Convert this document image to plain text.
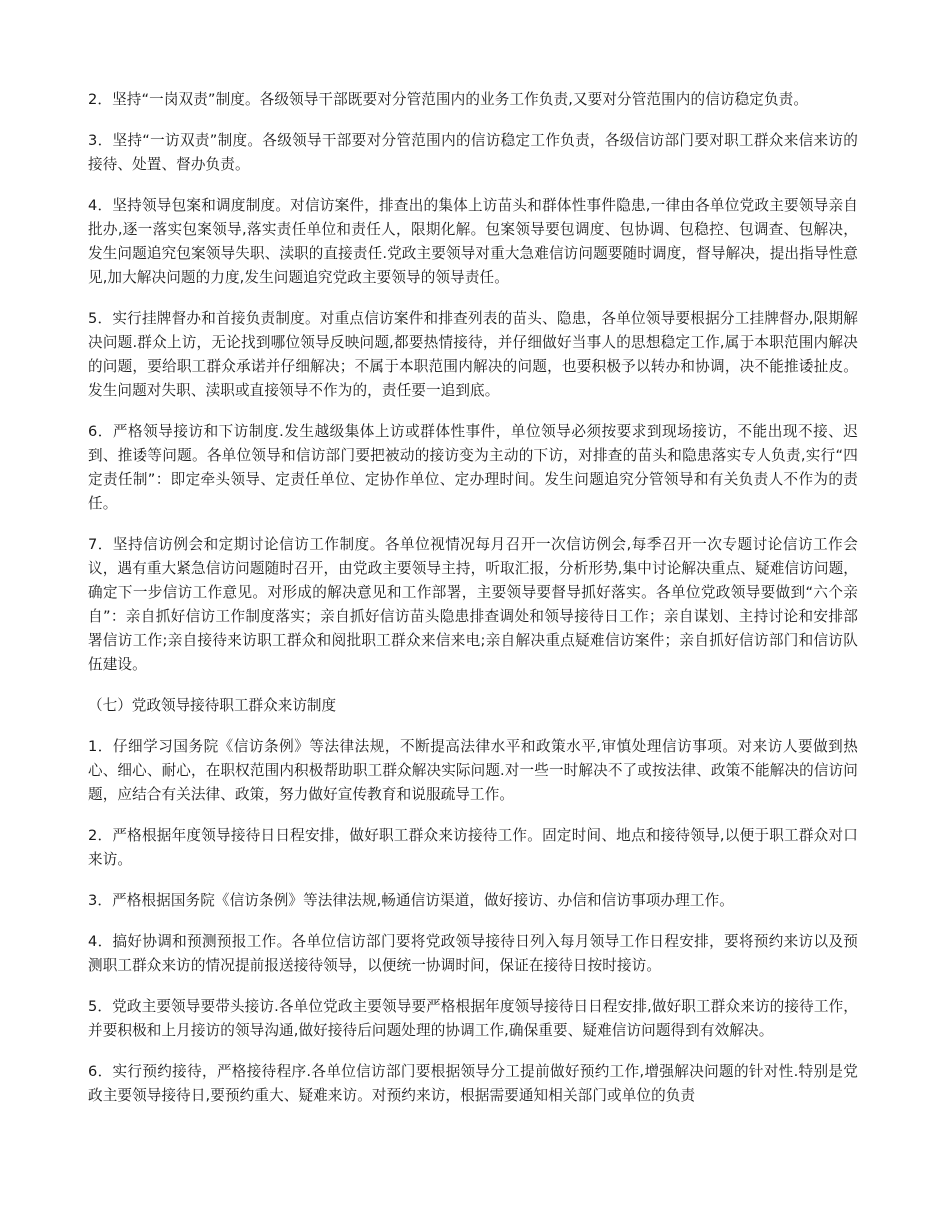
2．坚持“一岗双责”制度。各级领导干部既要对分管范围内的业务工作负责,又要对分管范围内的信访稳定负责。

3．坚持“一访双责”制度。各级领导干部要对分管范围内的信访稳定工作负责，各级信访部门要对职工群众来信来访的接待、处置、督办负责。

4．坚持领导包案和调度制度。对信访案件，排查出的集体上访苗头和群体性事件隐患,一律由各单位党政主要领导亲自批办,逐一落实包案领导,落实责任单位和责任人，限期化解。包案领导要包调度、包协调、包稳控、包调查、包解决，发生问题追究包案领导失职、渎职的直接责任.党政主要领导对重大急难信访问题要随时调度，督导解决，提出指导性意见,加大解决问题的力度,发生问题追究党政主要领导的领导责任。

5．实行挂牌督办和首接负责制度。对重点信访案件和排查列表的苗头、隐患，各单位领导要根据分工挂牌督办,限期解决问题.群众上访，无论找到哪位领导反映问题,都要热情接待，并仔细做好当事人的思想稳定工作,属于本职范围内解决的问题，要给职工群众承诺并仔细解决；不属于本职范围内解决的问题，也要积极予以转办和协调，决不能推诿扯皮。发生问题对失职、渎职或直接领导不作为的，责任要一追到底。

6．严格领导接访和下访制度.发生越级集体上访或群体性事件，单位领导必须按要求到现场接访，不能出现不接、迟到、推诿等问题。各单位领导和信访部门要把被动的接访变为主动的下访，对排查的苗头和隐患落实专人负责,实行“四定责任制”：即定牵头领导、定责任单位、定协作单位、定办理时间。发生问题追究分管领导和有关负责人不作为的责任。

7．坚持信访例会和定期讨论信访工作制度。各单位视情况每月召开一次信访例会,每季召开一次专题讨论信访工作会议，遇有重大紧急信访问题随时召开，由党政主要领导主持，听取汇报，分析形势,集中讨论解决重点、疑难信访问题，确定下一步信访工作意见。对形成的解决意见和工作部署，主要领导要督导抓好落实。各单位党政领导要做到“六个亲自”：亲自抓好信访工作制度落实；亲自抓好信访苗头隐患排查调处和领导接待日工作；亲自谋划、主持讨论和安排部署信访工作;亲自接待来访职工群众和阅批职工群众来信来电;亲自解决重点疑难信访案件；亲自抓好信访部门和信访队伍建设。

（七）党政领导接待职工群众来访制度

1．仔细学习国务院《信访条例》等法律法规，不断提高法律水平和政策水平,审慎处理信访事项。对来访人要做到热心、细心、耐心，在职权范围内积极帮助职工群众解决实际问题.对一些一时解决不了或按法律、政策不能解决的信访问题，应结合有关法律、政策，努力做好宣传教育和说服疏导工作。

2．严格根据年度领导接待日日程安排，做好职工群众来访接待工作。固定时间、地点和接待领导,以便于职工群众对口来访。

3．严格根据国务院《信访条例》等法律法规,畅通信访渠道，做好接访、办信和信访事项办理工作。

4．搞好协调和预测预报工作。各单位信访部门要将党政领导接待日列入每月领导工作日程安排，要将预约来访以及预测职工群众来访的情况提前报送接待领导，以便统一协调时间，保证在接待日按时接访。

5．党政主要领导要带头接访.各单位党政主要领导要严格根据年度领导接待日日程安排,做好职工群众来访的接待工作，并要积极和上月接访的领导沟通,做好接待后问题处理的协调工作,确保重要、疑难信访问题得到有效解决。

6．实行预约接待，严格接待程序.各单位信访部门要根据领导分工提前做好预约工作,增强解决问题的针对性.特别是党政主要领导接待日,要预约重大、疑难来访。对预约来访，根据需要通知相关部门或单位的负责
